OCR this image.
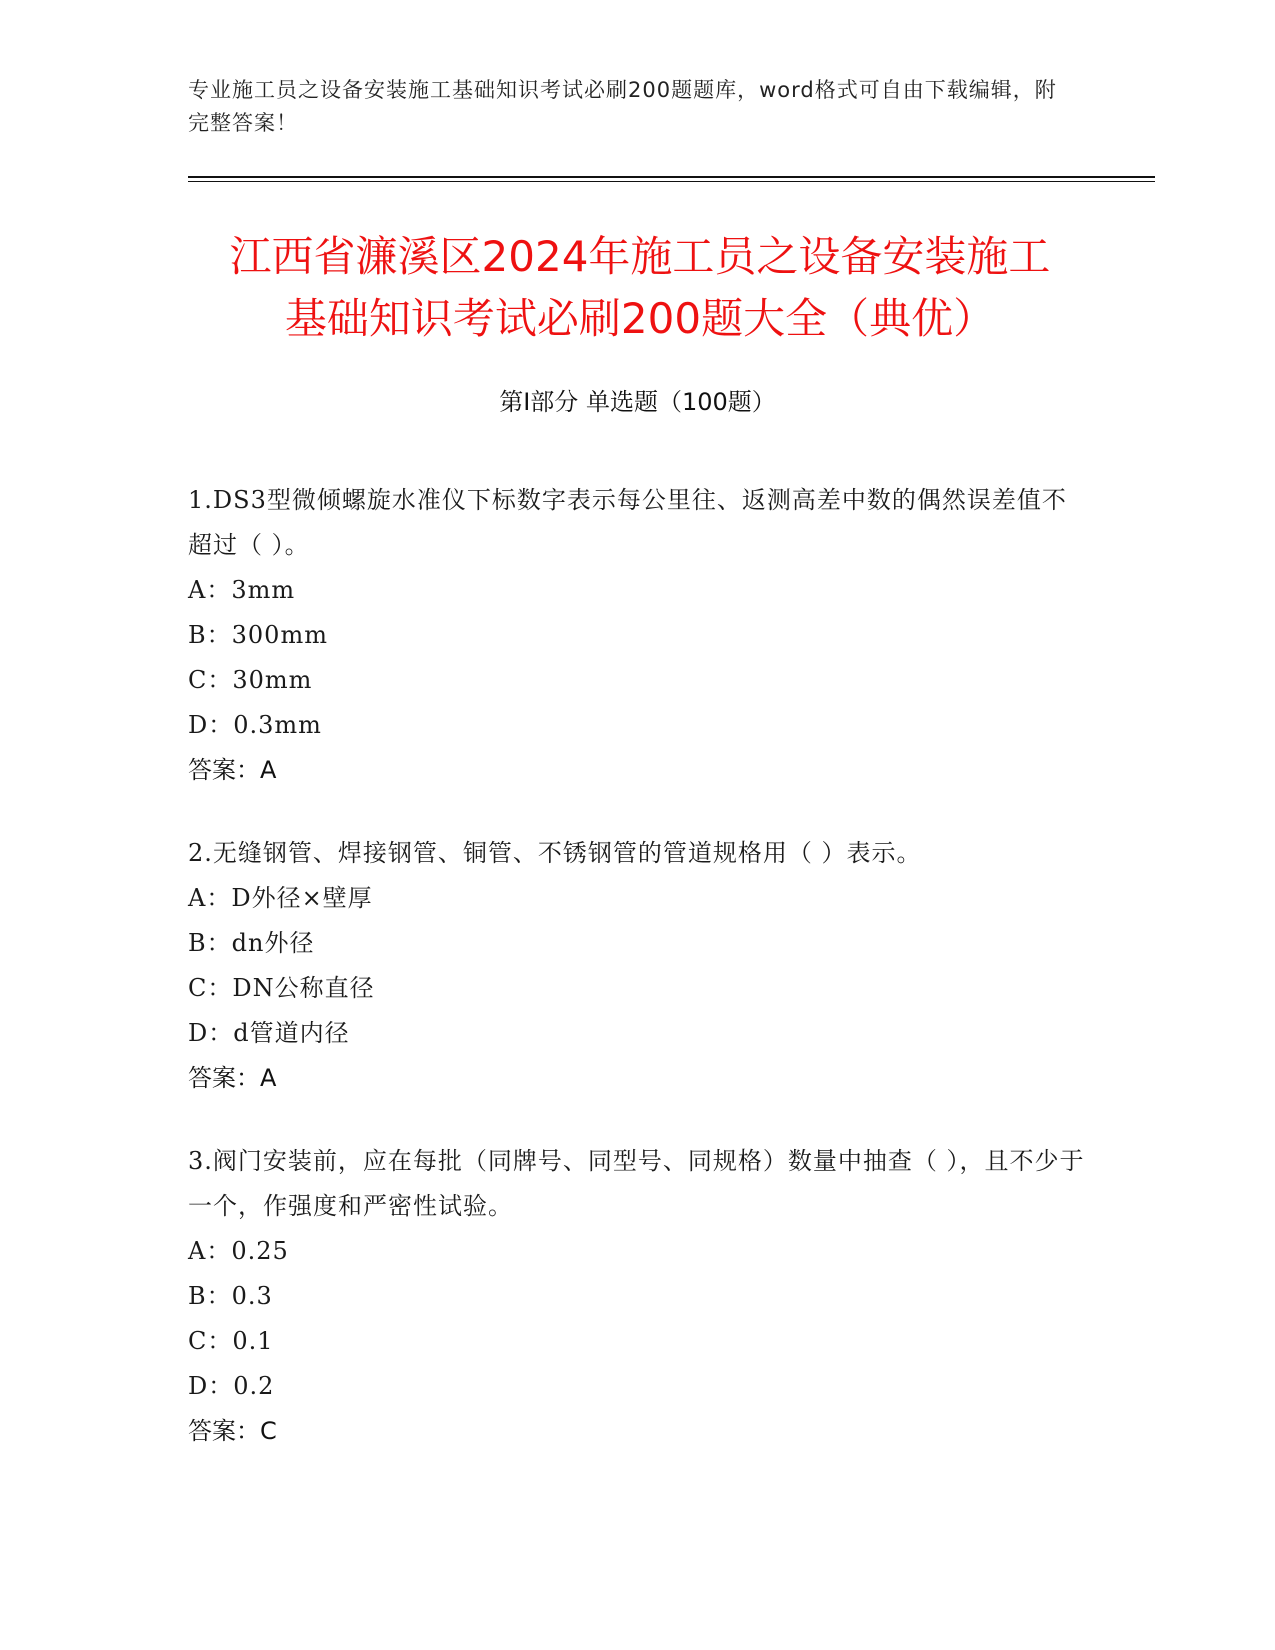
专业施工员之设备安装施工基础知识考试必刷200题题库，word格式可自由下载编辑，附完整答案！
江西省濂溪区2024年施工员之设备安装施工
基础知识考试必刷200题大全（典优）
第Ⅰ部分 单选题（100题）
1.DS3型微倾螺旋水准仪下标数字表示每公里往、返测高差中数的偶然误差值不超过（ ）。
A：3mm
B：300mm
C：30mm
D：0.3mm
答案：A
2.无缝钢管、焊接钢管、铜管、不锈钢管的管道规格用（ ）表示。
A：D外径×壁厚
B：dn外径
C：DN公称直径
D：d管道内径
答案：A
3.阀门安装前，应在每批（同牌号、同型号、同规格）数量中抽查（ ），且不少于一个，作强度和严密性试验。
A：0.25
B：0.3
C：0.1
D：0.2
答案：C
